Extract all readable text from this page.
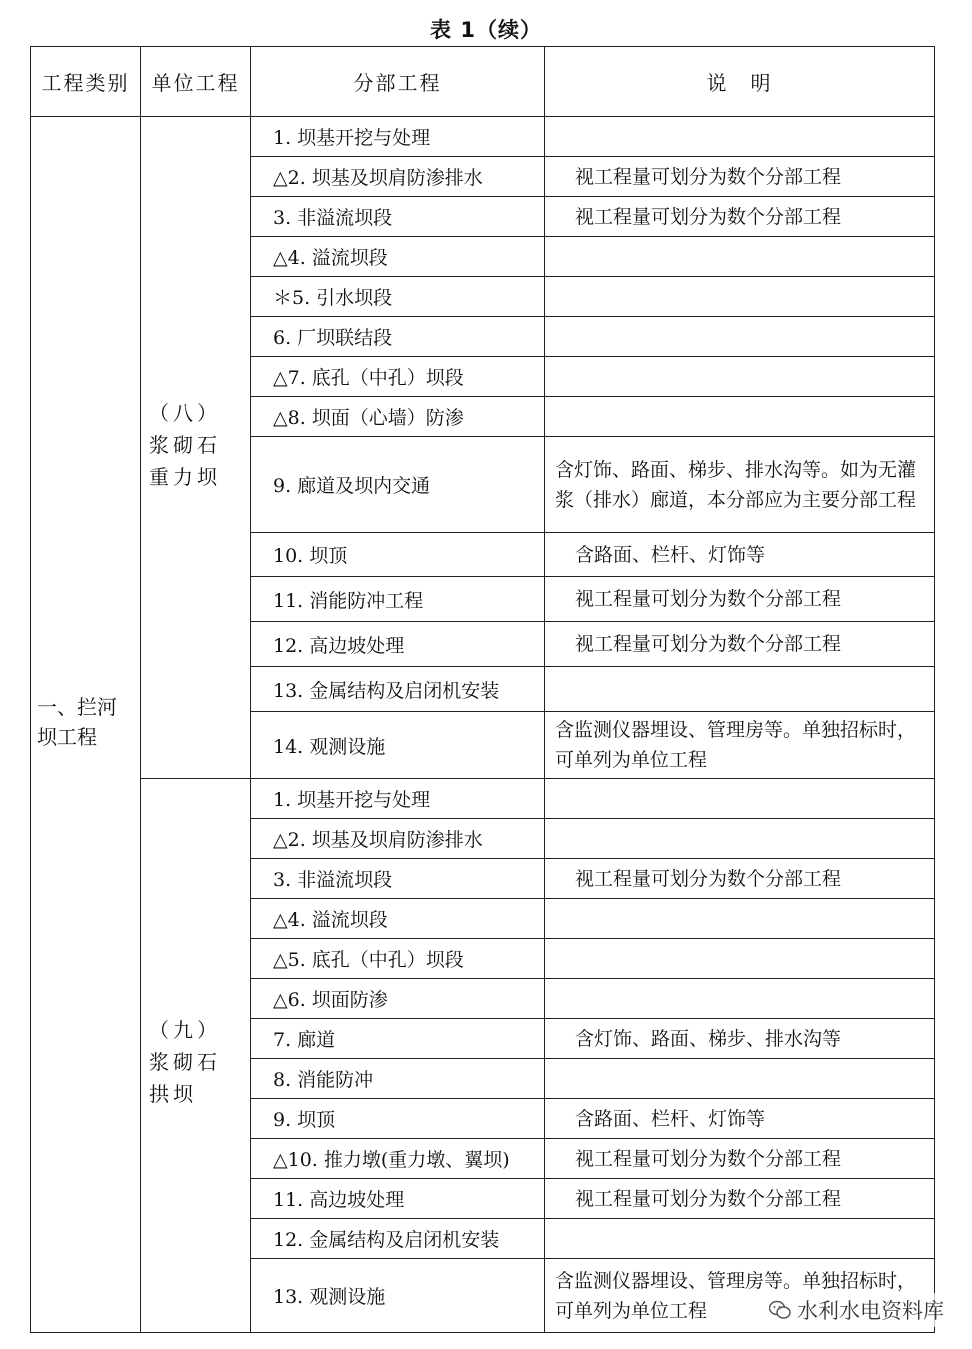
表 1（续）
工程类别	单位工程	分部工程	说　明

一、拦河坝工程	（八）浆砌石重力坝	1. 坝基开挖与处理	
		△2. 坝基及坝肩防渗排水	视工程量可划分为数个分部工程
		3. 非溢流坝段	视工程量可划分为数个分部工程
		△4. 溢流坝段	
		＊5. 引水坝段	
		6. 厂坝联结段	
		△7. 底孔（中孔）坝段	
		△8. 坝面（心墙）防渗	
		9. 廊道及坝内交通	含灯饰、路面、梯步、排水沟等。如为无灌浆（排水）廊道，本分部应为主要分部工程
		10. 坝顶	含路面、栏杆、灯饰等
		11. 消能防冲工程	视工程量可划分为数个分部工程
		12. 高边坡处理	视工程量可划分为数个分部工程
		13. 金属结构及启闭机安装	
		14. 观测设施	含监测仪器埋设、管理房等。单独招标时，可单列为单位工程

	（九）浆砌石拱坝	1. 坝基开挖与处理	
		△2. 坝基及坝肩防渗排水	
		3. 非溢流坝段	视工程量可划分为数个分部工程
		△4. 溢流坝段	
		△5. 底孔（中孔）坝段	
		△6. 坝面防渗	
		7. 廊道	含灯饰、路面、梯步、排水沟等
		8. 消能防冲	
		9. 坝顶	含路面、栏杆、灯饰等
		△10. 推力墩(重力墩、翼坝)	视工程量可划分为数个分部工程
		11. 高边坡处理	视工程量可划分为数个分部工程
		12. 金属结构及启闭机安装	
		13. 观测设施	含监测仪器埋设、管理房等。单独招标时，可单列为单位工程	水利水电资料库
